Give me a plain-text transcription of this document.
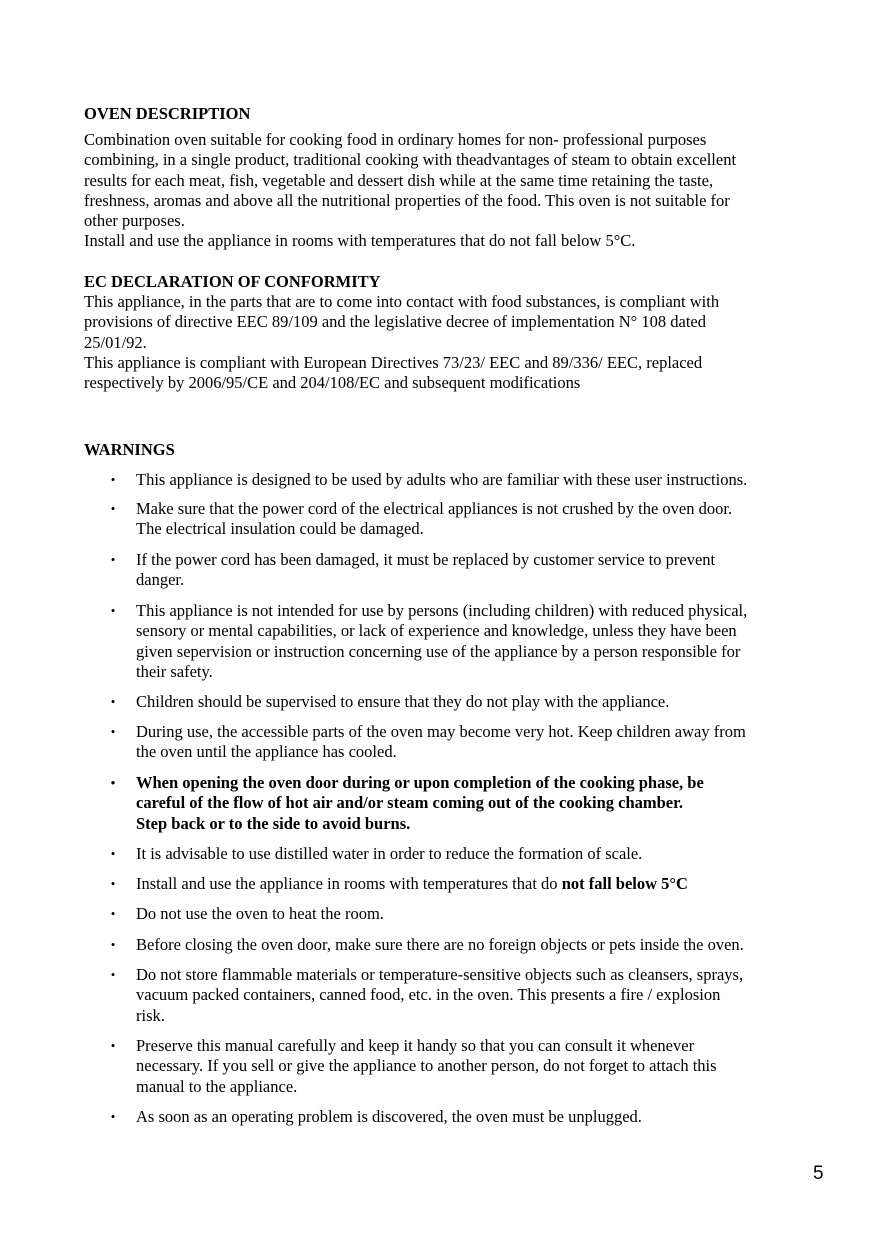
OVEN DESCRIPTION
Combination oven suitable for cooking food in ordinary homes for non- professional purposes
combining, in a single product, traditional cooking with theadvantages of steam to obtain excellent
results for each meat, fish, vegetable and dessert dish while at the same time retaining the taste,
freshness, aromas and above all the nutritional properties of the food. This oven is not suitable for
other purposes.
Install and use the appliance in rooms with temperatures that do not fall below 5°C.
EC DECLARATION OF CONFORMITY
This appliance, in the parts that are to come into contact with food substances, is compliant with
provisions of directive EEC 89/109 and the legislative decree of implementation N° 108 dated
25/01/92.
This appliance is compliant with European Directives 73/23/ EEC and 89/336/ EEC, replaced
respectively by 2006/95/CE and 204/108/EC and subsequent modifications
WARNINGS
• This appliance is designed to be used by adults who are familiar with these user instructions.
• Make sure that the power cord of the electrical appliances is not crushed by the oven door.
The electrical insulation could be damaged.
• If the power cord has been damaged, it must be replaced by customer service to prevent
danger.
• This appliance is not intended for use by persons (including children) with reduced physical,
sensory or mental capabilities, or lack of experience and knowledge, unless they have been
given sepervision or instruction concerning use of the appliance by a person responsible for
their safety.
• Children should be supervised to ensure that they do not play with the appliance.
• During use, the accessible parts of the oven may become very hot. Keep children away from
the oven until the appliance has cooled.
• When opening the oven door during or upon completion of the cooking phase, be
careful of the flow of hot air and/or steam coming out of the cooking chamber.
Step back or to the side to avoid burns.
• It is advisable to use distilled water in order to reduce the formation of scale.
• Install and use the appliance in rooms with temperatures that do not fall below 5°C
• Do not use the oven to heat the room.
• Before closing the oven door, make sure there are no foreign objects or pets inside the oven.
• Do not store flammable materials or temperature-sensitive objects such as cleansers, sprays,
vacuum packed containers, canned food, etc. in the oven. This presents a fire / explosion
risk.
• Preserve this manual carefully and keep it handy so that you can consult it whenever
necessary. If you sell or give the appliance to another person, do not forget to attach this
manual to the appliance.
• As soon as an operating problem is discovered, the oven must be unplugged.
5
